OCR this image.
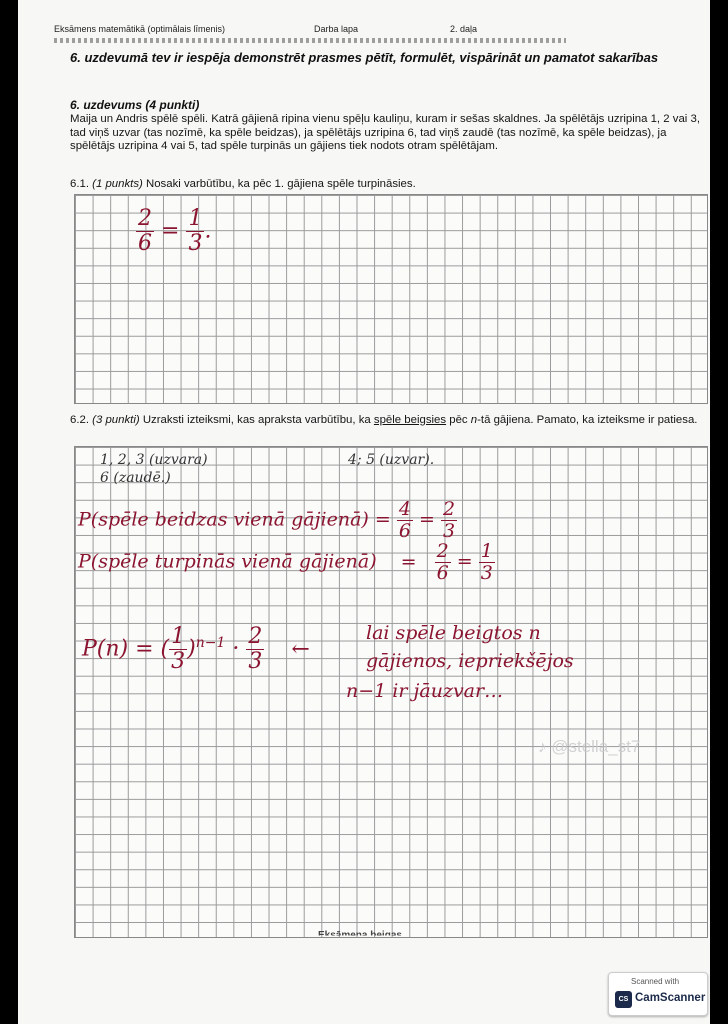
Eksāmens matemātikā (optimālais līmenis)	Darba lapa	2. daļa
6. uzdevumā tev ir iespēja demonstrēt prasmes pētīt, formulēt, vispārināt un pamatot sakarības
6. uzdevums (4 punkti)
Maija un Andris spēlē spēli. Katrā gājienā ripina vienu spēļu kauliņu, kuram ir sešas skaldnes. Ja spēlētājs uzripina 1, 2 vai 3, tad viņš uzvar (tas nozīmē, ka spēle beidzas), ja spēlētājs uzripina 6, tad viņš zaudē (tas nozīmē, ka spēle beidzas), ja spēlētājs uzripina 4 vai 5, tad spēle turpinās un gājiens tiek nodots otram spēlētājam.
6.1. (1 punkts) Nosaki varbūtību, ka pēc 1. gājiena spēle turpināsies.
$\frac{2}{6} = \frac{1}{3}$ .
6.2. (3 punkti) Uzraksti izteiksmi, kas apraksta varbūtību, ka spēle beigsies pēc n-tā gājiena. Pamato, ka izteiksme ir patiesa.
1, 2, 3 (uzvara)
6 (zaudē.)
4; 5 (uzvar).
P(spēle beidzas vienā gājienā) = $\frac{4}{6} = \frac{2}{3}$
P(spēle turpinās vienā gājienā) = $\frac{2}{6} = \frac{1}{3}$
P(n) = ( $\frac{1}{3} )^{n-1} \cdot \frac{2}{3}$ ←
lai spēle beigtos n
gājienos, iepriekšējos
n−1 ir jāuzvar…
♪ @stella_st7
Scanned with
CS CamScanner
